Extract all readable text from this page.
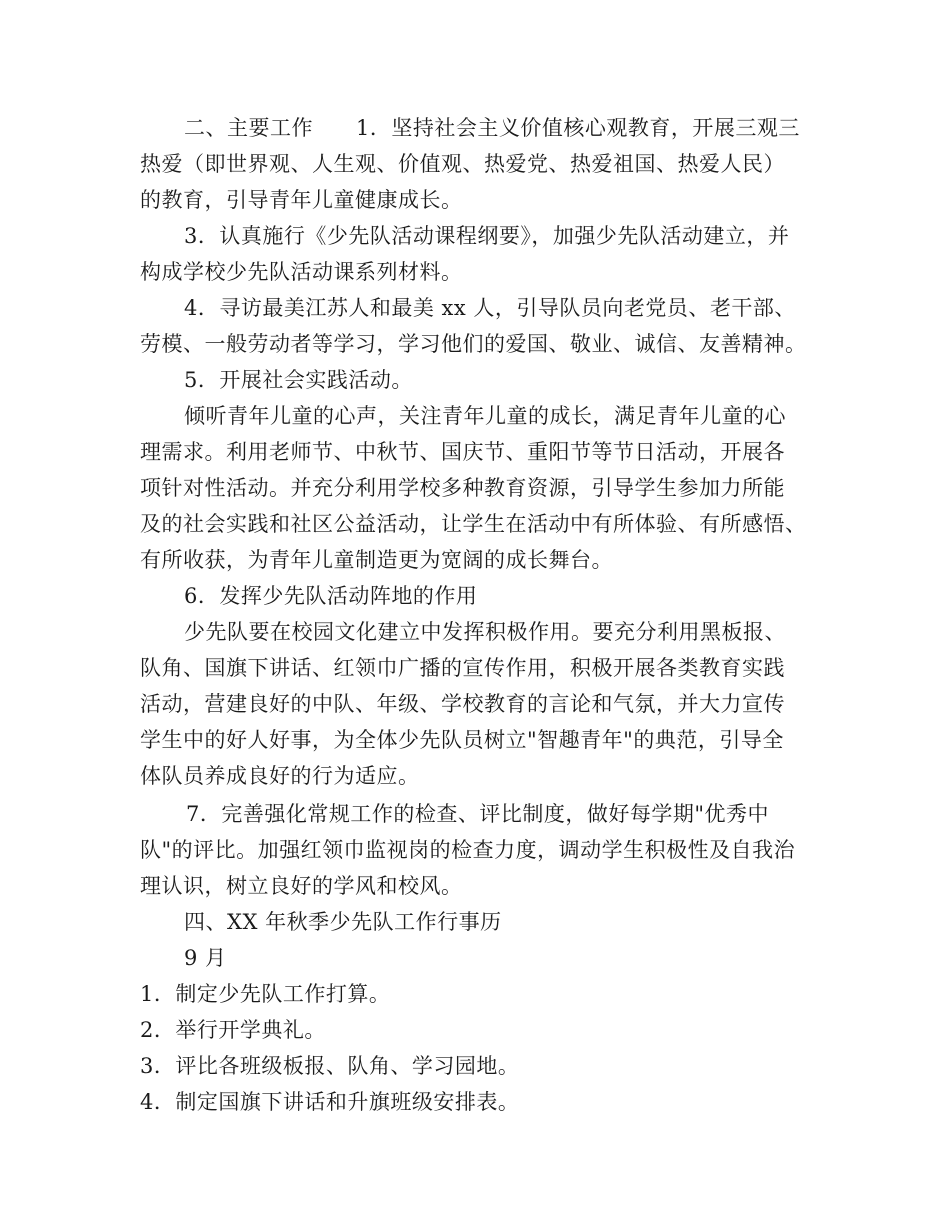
二、主要工作　　1．坚持社会主义价值核心观教育，开展三观三
热爱（即世界观、人生观、价值观、热爱党、热爱祖国、热爱人民）
的教育，引导青年儿童健康成长。
3．认真施行《少先队活动课程纲要》，加强少先队活动建立，并
构成学校少先队活动课系列材料。
4．寻访最美江苏人和最美 xx 人，引导队员向老党员、老干部、
劳模、一般劳动者等学习，学习他们的爱国、敬业、诚信、友善精神。
5．开展社会实践活动。
倾听青年儿童的心声，关注青年儿童的成长，满足青年儿童的心
理需求。利用老师节、中秋节、国庆节、重阳节等节日活动，开展各
项针对性活动。并充分利用学校多种教育资源，引导学生参加力所能
及的社会实践和社区公益活动，让学生在活动中有所体验、有所感悟、
有所收获，为青年儿童制造更为宽阔的成长舞台。
6．发挥少先队活动阵地的作用
少先队要在校园文化建立中发挥积极作用。要充分利用黑板报、
队角、国旗下讲话、红领巾广播的宣传作用，积极开展各类教育实践
活动，营建良好的中队、年级、学校教育的言论和气氛，并大力宣传
学生中的好人好事，为全体少先队员树立"智趣青年"的典范，引导全
体队员养成良好的行为适应。
7．完善强化常规工作的检查、评比制度，做好每学期"优秀中
队"的评比。加强红领巾监视岗的检查力度，调动学生积极性及自我治
理认识，树立良好的学风和校风。
四、XX 年秋季少先队工作行事历
9 月
1．制定少先队工作打算。
2．举行开学典礼。
3．评比各班级板报、队角、学习园地。
4．制定国旗下讲话和升旗班级安排表。
